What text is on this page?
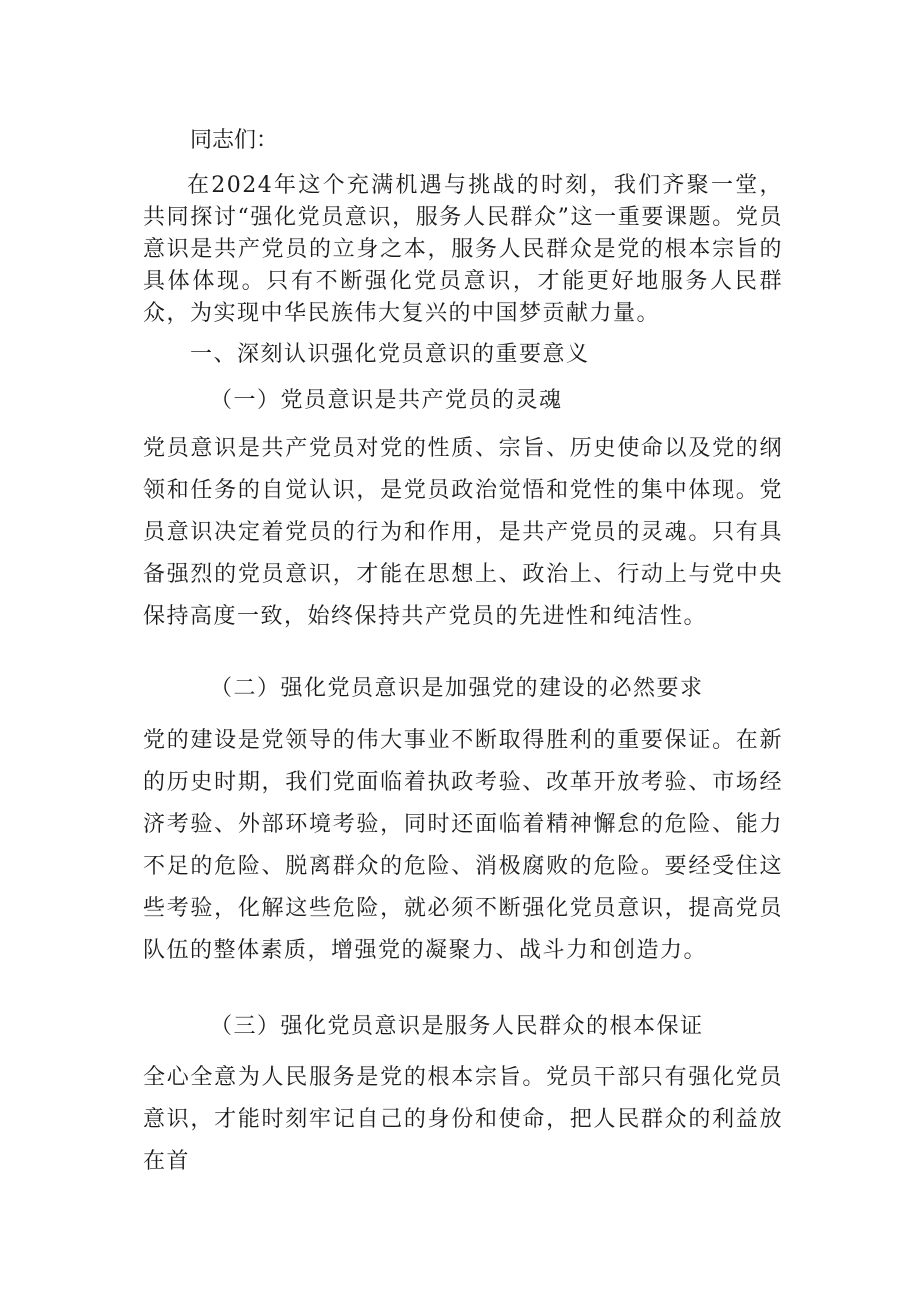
同志们：

在2024年这个充满机遇与挑战的时刻，我们齐聚一堂，共同探讨“强化党员意识，服务人民群众”这一重要课题。党员意识是共产党员的立身之本，服务人民群众是党的根本宗旨的具体体现。只有不断强化党员意识，才能更好地服务人民群众，为实现中华民族伟大复兴的中国梦贡献力量。

一、深刻认识强化党员意识的重要意义
（一）党员意识是共产党员的灵魂

党员意识是共产党员对党的性质、宗旨、历史使命以及党的纲领和任务的自觉认识，是党员政治觉悟和党性的集中体现。党员意识决定着党员的行为和作用，是共产党员的灵魂。只有具备强烈的党员意识，才能在思想上、政治上、行动上与党中央保持高度一致，始终保持共产党员的先进性和纯洁性。

（二）强化党员意识是加强党的建设的必然要求

党的建设是党领导的伟大事业不断取得胜利的重要保证。在新的历史时期，我们党面临着执政考验、改革开放考验、市场经济考验、外部环境考验，同时还面临着精神懈怠的危险、能力不足的危险、脱离群众的危险、消极腐败的危险。要经受住这些考验，化解这些危险，就必须不断强化党员意识，提高党员队伍的整体素质，增强党的凝聚力、战斗力和创造力。

（三）强化党员意识是服务人民群众的根本保证

全心全意为人民服务是党的根本宗旨。党员干部只有强化党员意识，才能时刻牢记自己的身份和使命，把人民群众的利益放在首
